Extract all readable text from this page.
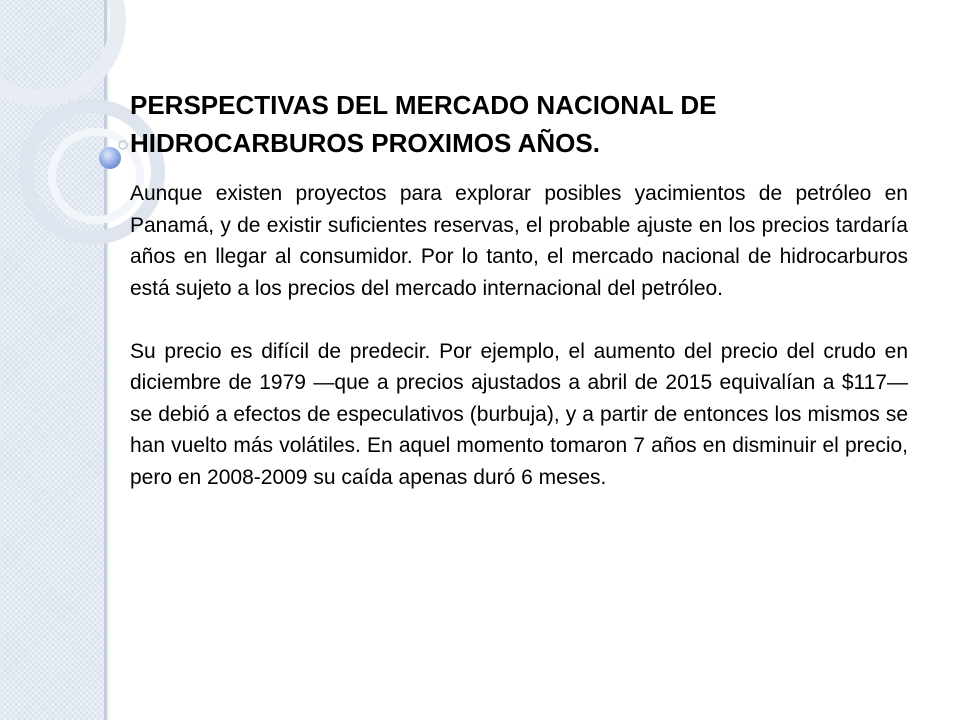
PERSPECTIVAS DEL MERCADO NACIONAL DE
HIDROCARBUROS PROXIMOS AÑOS.

Aunque existen proyectos para explorar posibles yacimientos de petróleo en Panamá, y de existir suficientes reservas, el probable ajuste en los precios tardaría años en llegar al consumidor. Por lo tanto, el mercado nacional de hidrocarburos está sujeto a los precios del mercado internacional del petróleo.

Su precio es difícil de predecir. Por ejemplo, el aumento del precio del crudo en diciembre de 1979 —que a precios ajustados a abril de 2015 equivalían a $117— se debió a efectos de especulativos (burbuja), y a partir de entonces los mismos se han vuelto más volátiles. En aquel momento tomaron 7 años en disminuir el precio, pero en 2008-2009 su caída apenas duró 6 meses.
